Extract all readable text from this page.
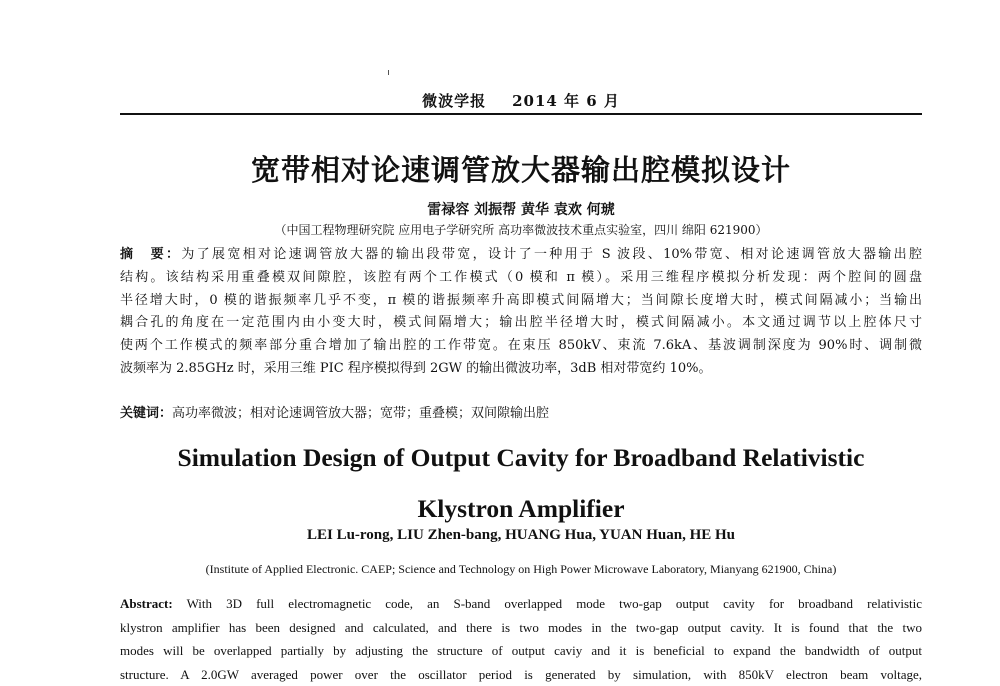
微波学报 2014 年 6 月
宽带相对论速调管放大器输出腔模拟设计
雷禄容 刘振帮 黄华 袁欢 何琥
（中国工程物理研究院 应用电子学研究所 高功率微波技术重点实验室，四川 绵阳 621900）
摘　要：为了展宽相对论速调管放大器的输出段带宽，设计了一种用于 S 波段、10%带宽、相对论速调管放大器输出腔
结构。该结构采用重叠模双间隙腔，该腔有两个工作模式（0 模和 π 模）。采用三维程序模拟分析发现：两个腔间的圆盘
半径增大时，0 模的谐振频率几乎不变，π 模的谐振频率升高即模式间隔增大；当间隙长度增大时，模式间隔减小；当输出
耦合孔的角度在一定范围内由小变大时，模式间隔增大；输出腔半径增大时，模式间隔减小。本文通过调节以上腔体尺寸
使两个工作模式的频率部分重合增加了输出腔的工作带宽。在束压 850kV、束流 7.6kA、基波调制深度为 90%时、调制微
波频率为 2.85GHz 时，采用三维 PIC 程序模拟得到 2GW 的输出微波功率，3dB 相对带宽约 10%。
关键词：高功率微波；相对论速调管放大器；宽带；重叠模；双间隙输出腔
Simulation Design of Output Cavity for Broadband Relativistic
Klystron Amplifier
LEI Lu-rong, LIU Zhen-bang, HUANG Hua, YUAN Huan, HE Hu
(Institute of Applied Electronic. CAEP; Science and Technology on High Power Microwave Laboratory, Mianyang 621900, China)
Abstract: With 3D full electromagnetic code, an S-band overlapped mode two-gap output cavity for broadband relativistic
klystron amplifier has been designed and calculated, and there is two modes in the two-gap output cavity. It is found that the two
modes will be overlapped partially by adjusting the structure of output caviy and it is beneficial to expand the bandwidth of output
structure. A 2.0GW averaged power over the oscillator period is generated by simulation, with 850kV electron beam voltage,
